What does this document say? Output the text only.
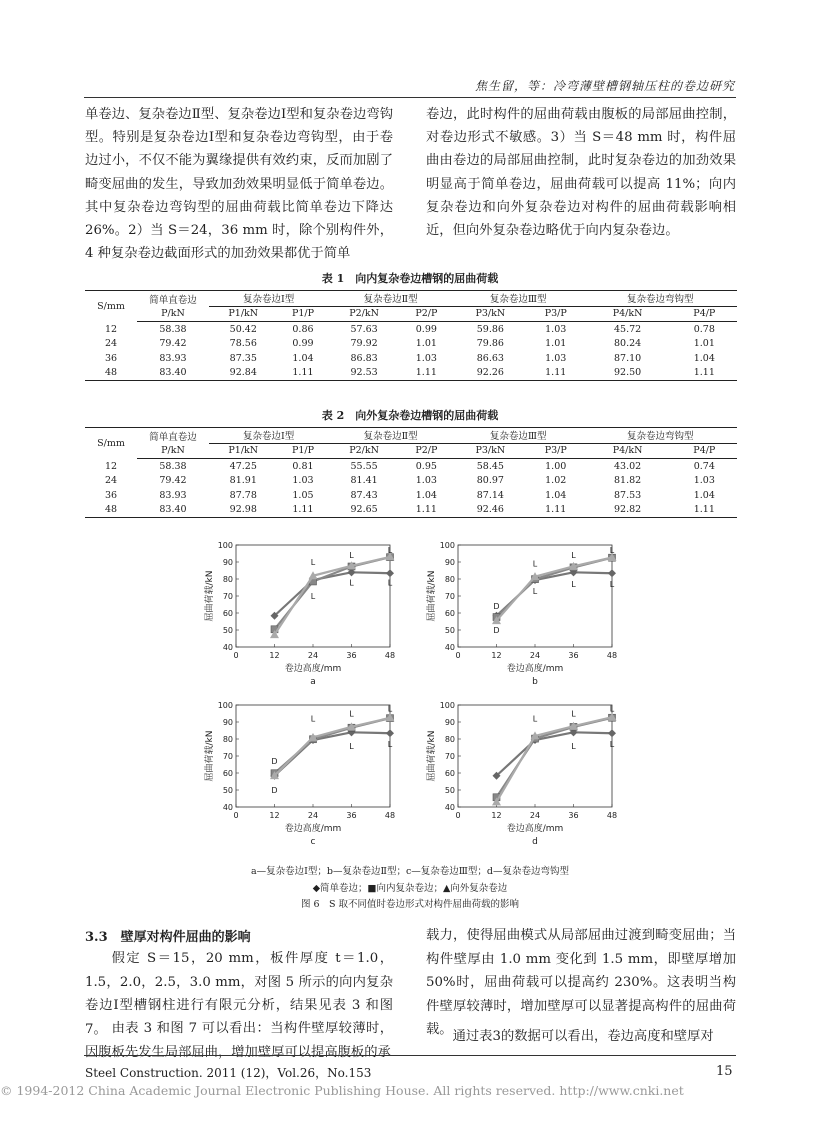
焦生留，等：冷弯薄壁槽钢轴压柱的卷边研究
单卷边、复杂卷边Ⅱ型、复杂卷边Ⅰ型和复杂卷边弯钩型。特别是复杂卷边Ⅰ型和复杂卷边弯钩型，由于卷边过小，不仅不能为翼缘提供有效约束，反而加剧了畸变屈曲的发生，导致加劲效果明显低于简单卷边。其中复杂卷边弯钩型的屈曲荷载比简单卷边下降达26%。2）当 S＝24，36 mm 时，除个别构件外，4 种复杂卷边截面形式的加劲效果都优于简单
卷边，此时构件的屈曲荷载由腹板的局部屈曲控制，对卷边形式不敏感。3）当 S＝48 mm 时，构件屈曲由卷边的局部屈曲控制，此时复杂卷边的加劲效果明显高于简单卷边，屈曲荷载可以提高 11%；向内复杂卷边和向外复杂卷边对构件的屈曲荷载影响相近，但向外复杂卷边略优于向内复杂卷边。
表 1　向内复杂卷边槽钢的屈曲荷载
S/mm	简单直卷边	复杂卷边Ⅰ型		复杂卷边Ⅱ型		复杂卷边Ⅲ型		复杂卷边弯钩型	
	P/kN	P1/kN	P1/P	P2/kN	P2/P	P3/kN	P3/P	P4/kN	P4/P
12	58.38	50.42	0.86	57.63	0.99	59.86	1.03	45.72	0.78
24	79.42	78.56	0.99	79.92	1.01	79.86	1.01	80.24	1.01
36	83.93	87.35	1.04	86.83	1.03	86.63	1.03	87.10	1.04
48	83.40	92.84	1.11	92.53	1.11	92.26	1.11	92.50	1.11
表 2　向外复杂卷边槽钢的屈曲荷载
S/mm	简单直卷边	复杂卷边Ⅰ型		复杂卷边Ⅱ型		复杂卷边Ⅲ型		复杂卷边弯钩型	
	P/kN	P1/kN	P1/P	P2/kN	P2/P	P3/kN	P3/P	P4/kN	P4/P
12	58.38	47.25	0.81	55.55	0.95	58.45	1.00	43.02	0.74
24	79.42	81.91	1.03	81.41	1.03	80.97	1.02	81.82	1.03
36	83.93	87.78	1.05	87.43	1.04	87.14	1.04	87.53	1.04
48	83.40	92.98	1.11	92.65	1.11	92.46	1.11	92.82	1.11
40
50
60
70
80
90
100
0	12	24	36	48
卷边高度/mm
屈曲荷载/kN
a
L
L
L
L
L
L
40
50
60
70
80
90
100
0	12	24	36	48
卷边高度/mm
屈曲荷载/kN
b
D
D
L
L
L
L
L
L
40
50
60
70
80
90
100
0	12	24	36	48
卷边高度/mm
屈曲荷载/kN
c
D
D
L
L
L
L
L
40
50
60
70
80
90
100
0	12	24	36	48
卷边高度/mm
屈曲荷载/kN
d
L
L
L
L
L
a—复杂卷边Ⅰ型；b—复杂卷边Ⅱ型；c—复杂卷边Ⅲ型；d—复杂卷边弯钩型
◆简单卷边；■向内复杂卷边；▲向外复杂卷边
图 6　S 取不同值时卷边形式对构件屈曲荷载的影响
3.3　壁厚对构件屈曲的影响
假定 S＝15，20 mm，板件厚度 t＝1.0，1.5，2.0，2.5，3.0 mm，对图 5 所示的向内复杂卷边Ⅰ型槽钢柱进行有限元分析，结果见表 3 和图 7。 由表 3 和图 7 可以看出：当构件壁厚较薄时，因腹板先发生局部屈曲，增加壁厚可以提高腹板的承
载力，使得屈曲模式从局部屈曲过渡到畸变屈曲；当构件壁厚由 1.0 mm 变化到 1.5 mm，即壁厚增加 50%时，屈曲荷载可以提高约 230%。这表明当构件壁厚较薄时，增加壁厚可以显著提高构件的屈曲荷载。 通过表3的数据可以看出，卷边高度和壁厚对
Steel Construction. 2011 (12)，Vol.26，No.153	15
© 1994-2012 China Academic Journal Electronic Publishing House. All rights reserved. http://www.cnki.net
